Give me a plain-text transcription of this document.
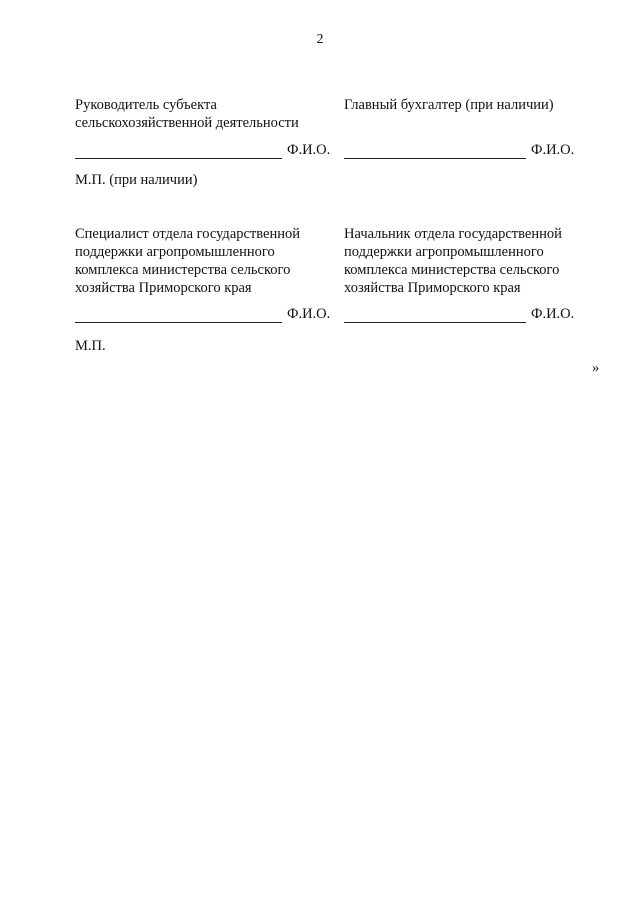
2
Руководитель субъекта
сельскохозяйственной деятельности
Главный бухгалтер (при наличии)
Ф.И.О.	Ф.И.О.
М.П. (при наличии)
Специалист отдела государственной
поддержки агропромышленного
комплекса министерства сельского
хозяйства Приморского края
Начальник отдела государственной
поддержки агропромышленного
комплекса министерства сельского
хозяйства Приморского края
Ф.И.О.	Ф.И.О.
М.П.
»
